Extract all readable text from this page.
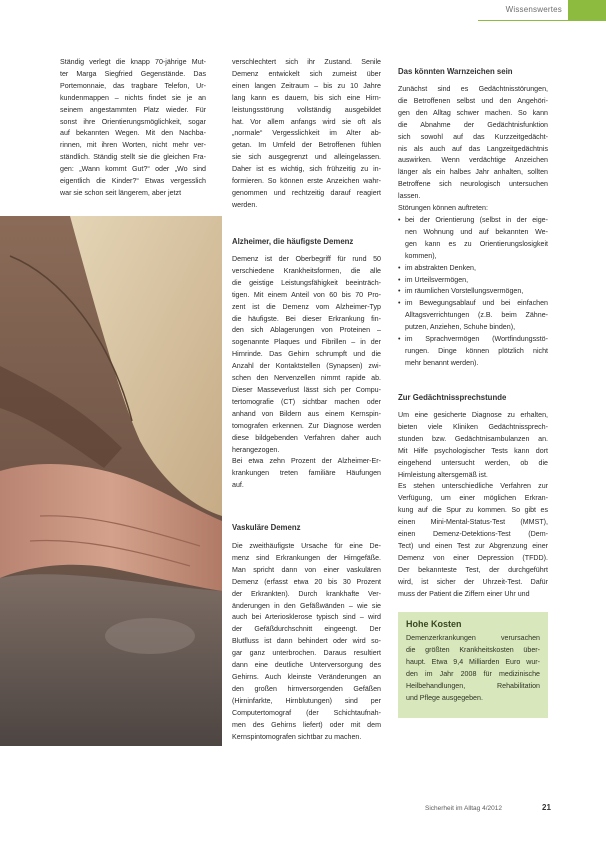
Wissenswertes
Ständig verlegt die knapp 70-jährige Mut-
ter Marga Siegfried Gegenstände. Das
Portemonnaie, das tragbare Telefon, Ur-
kundenmappen – nichts findet sie je an
seinem angestammten Platz wieder. Für
sonst ihre Orientierungsmöglichkeit, sogar
auf bekannten Wegen. Mit den Nachba-
rinnen, mit ihren Worten, nicht mehr ver-
ständlich. Ständig stellt sie die gleichen Fra-
gen: „Wann kommt Gut?“ oder „Wo sind
eigentlich die Kinder?“ Etwas vergesslich
war sie schon seit längerem, aber jetzt
verschlechtert sich ihr Zustand. Senile
Demenz entwickelt sich zumeist über
einen langen Zeitraum – bis zu 10 Jahre
lang kann es dauern, bis sich eine Hirn-
leistungsstörung vollständig ausgebildet
hat. Vor allem anfangs wird sie oft als
„normale“ Vergesslichkeit im Alter ab-
getan. Im Umfeld der Betroffenen fühlen
sie sich ausgegrenzt und alleingelassen.
Daher ist es wichtig, sich frühzeitig zu in-
formieren. So können erste Anzeichen wahr-
genommen und rechtzeitig darauf reagiert
werden.
Alzheimer, die häufigste Demenz
Demenz ist der Oberbegriff für rund 50
verschiedene Krankheitsformen, die alle
die geistige Leistungsfähigkeit beeinträch-
tigen. Mit einem Anteil von 60 bis 70 Pro-
zent ist die Demenz vom Alzheimer-Typ
die häufigste. Bei dieser Erkrankung fin-
den sich Ablagerungen von Proteinen –
sogenannte Plaques und Fibrillen – in der
Hirnrinde. Das Gehirn schrumpft und die
Anzahl der Kontaktstellen (Synapsen) zwi-
schen den Nervenzellen nimmt rapide ab.
Dieser Masseverlust lässt sich per Compu-
tertomografie (CT) sichtbar machen oder
anhand von Bildern aus einem Kernspin-
tomografen erkennen. Zur Diagnose werden
diese bildgebenden Verfahren daher auch
herangezogen.
Bei etwa zehn Prozent der Alzheimer-Er-
krankungen treten familiäre Häufungen
auf.
Vaskuläre Demenz
Die zweithäufigste Ursache für eine De-
menz sind Erkrankungen der Hirngefäße.
Man spricht dann von einer vaskulären
Demenz (erfasst etwa 20 bis 30 Prozent
der Erkrankten). Durch krankhafte Ver-
änderungen in den Gefäßwänden – wie sie
auch bei Arteriosklerose typisch sind – wird
der Gefäßdurchschnitt eingeengt. Der
Blutfluss ist dann behindert oder wird so-
gar ganz unterbrochen. Daraus resultiert
dann eine deutliche Unterversorgung des
Gehirns. Auch kleinste Veränderungen an
den großen hirnversorgenden Gefäßen
(Hirninfarkte, Hirnblutungen) sind per
Computertomograf (der Schichtaufnah-
men des Gehirns liefert) oder mit dem
Kernspintomografen sichtbar zu machen.
Das könnten Warnzeichen sein
Zunächst sind es Gedächtnisstörungen,
die Betroffenen selbst und den Angehöri-
gen den Alltag schwer machen. So kann
die Abnahme der Gedächtnisfunktion
sich sowohl auf das Kurzzeitgedächt-
nis als auch auf das Langzeitgedächtnis
auswirken. Wenn verdächtige Anzeichen
länger als ein halbes Jahr anhalten, sollten
Betroffene sich neurologisch untersuchen
lassen.
Störungen können auftreten:
• bei der Orientierung (selbst in der eige-
nen Wohnung und auf bekannten We-
gen kann es zu Orientierungslosigkeit
kommen),
• im abstrakten Denken,
• im Urteilsvermögen,
• im räumlichen Vorstellungsvermögen,
• im Bewegungsablauf und bei einfachen
Alltagsverrichtungen (z.B. beim Zähne-
putzen, Anziehen, Schuhe binden),
• im Sprachvermögen (Wortfindungsstö-
rungen. Dinge können plötzlich nicht
mehr benannt werden).
Zur Gedächtnissprechstunde
Um eine gesicherte Diagnose zu erhalten,
bieten viele Kliniken Gedächtnissprech-
stunden bzw. Gedächtnisambulanzen an.
Mit Hilfe psychologischer Tests kann dort
eingehend untersucht werden, ob die
Hirnleistung altersgemäß ist.
Es stehen unterschiedliche Verfahren zur
Verfügung, um einer möglichen Erkran-
kung auf die Spur zu kommen. So gibt es
einen Mini-Mental-Status-Test (MMST),
einen Demenz-Detektions-Test (Dem-
Tect) und einen Test zur Abgrenzung einer
Demenz von einer Depression (TFDD).
Der bekannteste Test, der durchgeführt
wird, ist sicher der Uhrzeit-Test. Dafür
muss der Patient die Ziffern einer Uhr und
Hohe Kosten
Demenzerkrankungen verursachen
die größten Krankheitskosten über-
haupt. Etwa 9,4 Milliarden Euro wur-
den im Jahr 2008 für medizinische
Heilbehandlungen, Rehabilitation
und Pflege ausgegeben.
Sicherheit im Alltag 4/2012	21
